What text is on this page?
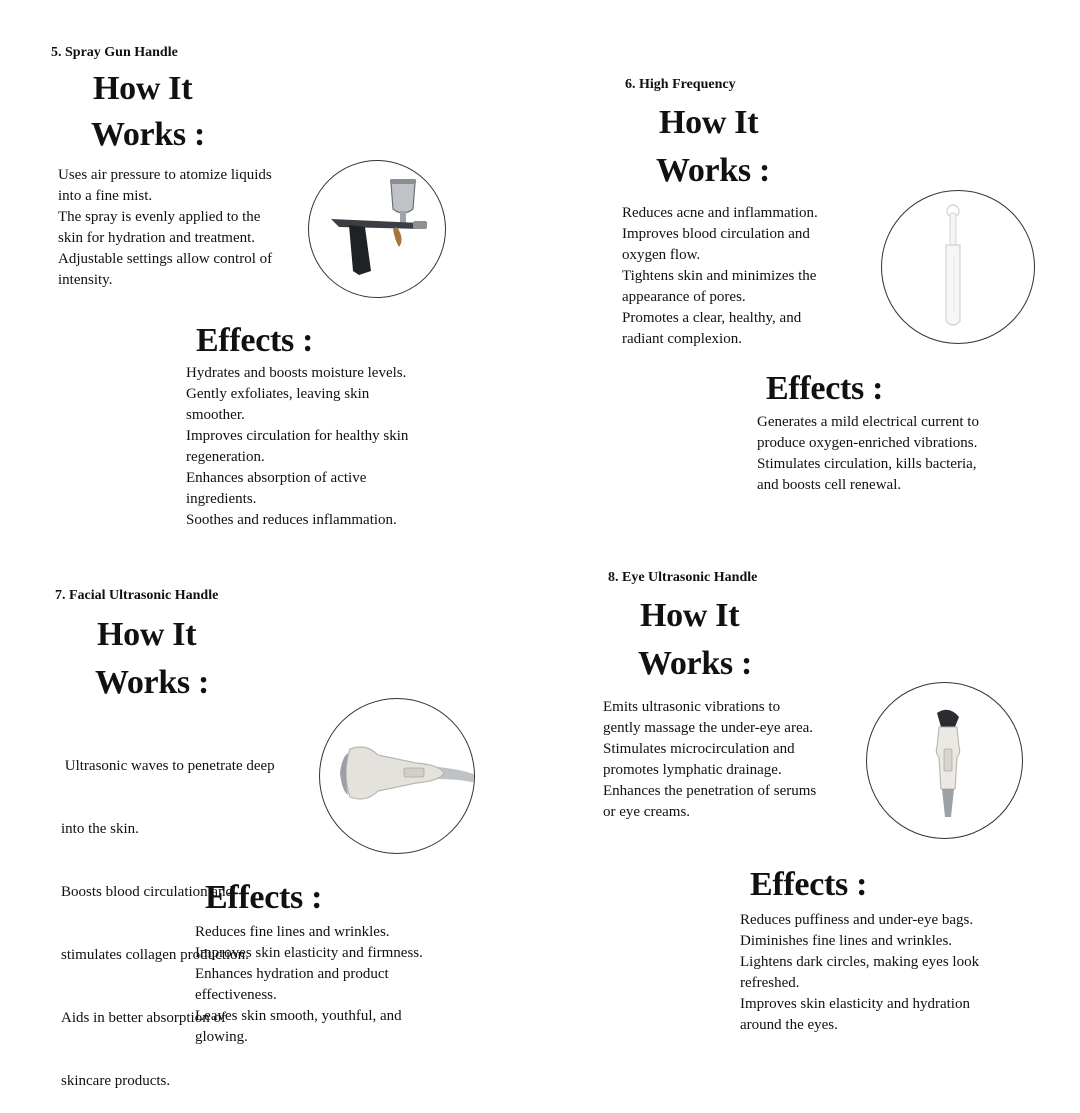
5. Spray Gun Handle
How It
Works :
Uses air pressure to atomize liquids
into a fine mist.
The spray is evenly applied to the
skin for hydration and treatment.
Adjustable settings allow control of
intensity.
Effects :
Hydrates and boosts moisture levels.
Gently exfoliates, leaving skin
smoother.
Improves circulation for healthy skin
regeneration.
Enhances absorption of active
ingredients.
Soothes and reduces inflammation.
6. High Frequency
How It
Works :
Reduces acne and inflammation.
Improves blood circulation and
oxygen flow.
Tightens skin and minimizes the
appearance of pores.
Promotes a clear, healthy, and
radiant complexion.
Effects :
Generates a mild electrical current to
produce oxygen-enriched vibrations.
Stimulates circulation, kills bacteria,
and boosts cell renewal.
7. Facial Ultrasonic Handle
How It
Works :

Ultrasonic waves to penetrate deep

into the skin.

Boosts blood circulation and

stimulates collagen production.

Aids in better absorption of

skincare products.

Effects :
Reduces fine lines and wrinkles.
Improves skin elasticity and firmness.
Enhances hydration and product
effectiveness.
Leaves skin smooth, youthful, and
glowing.
8. Eye Ultrasonic Handle
How It
Works :
Emits ultrasonic vibrations to
gently massage the under-eye area.
Stimulates microcirculation and
promotes lymphatic drainage.
Enhances the penetration of serums
or eye creams.
Effects :
Reduces puffiness and under-eye bags.
Diminishes fine lines and wrinkles.
Lightens dark circles, making eyes look
refreshed.
Improves skin elasticity and hydration
around the eyes.
